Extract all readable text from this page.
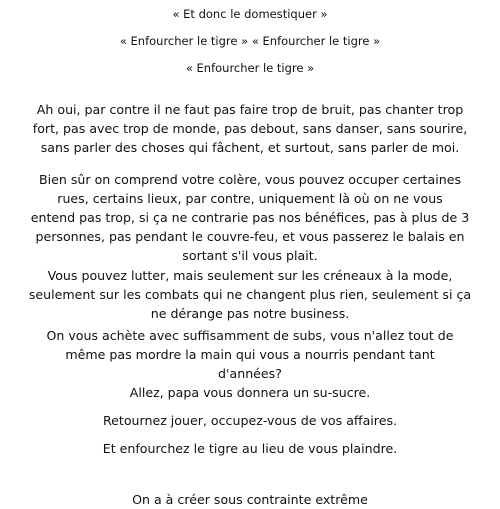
« Et donc le domestiquer »
« Enfourcher le tigre » « Enfourcher le tigre »
« Enfourcher le tigre »
Ah oui, par contre il ne faut pas faire trop de bruit, pas chanter trop
fort, pas avec trop de monde, pas debout, sans danser, sans sourire,
sans parler des choses qui fâchent, et surtout, sans parler de moi.
Bien sûr on comprend votre colère, vous pouvez occuper certaines
rues, certains lieux, par contre, uniquement là où on ne vous
entend pas trop, si ça ne contrarie pas nos bénéfices, pas à plus de 3
personnes, pas pendant le couvre-feu, et vous passerez le balais en
sortant s'il vous plait.
Vous pouvez lutter, mais seulement sur les créneaux à la mode,
seulement sur les combats qui ne changent plus rien, seulement si ça
ne dérange pas notre business.
On vous achète avec suffisamment de subs, vous n'allez tout de
même pas mordre la main qui vous a nourris pendant tant
d'années?
Allez, papa vous donnera un su-sucre.
Retournez jouer, occupez-vous de vos affaires.
Et enfourchez le tigre au lieu de vous plaindre.
On a à créer sous contrainte extrême
